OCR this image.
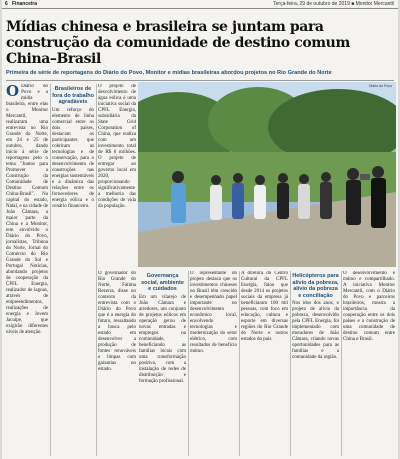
6 Financeira	Terça-feira, 29 de outubro de 2019 ■ Monitor Mercantil
Mídias chinesa e brasileira se juntam para construção da comunidade de destino comum China–Brasil
Primeira de série de reportagens do Diário do Povo, Monitor e mídias brasileiras abordou projetos no Rio Grande do Norte
Diário do Povo
O Diário do Povo e a mídia brasileira, entre elas o Monitor Mercantil, realizaram uma entrevista no Rio Grande do Norte, em 24 e 25 de outubro, dando início à série de reportagens pelo o tema "Juntos para Promover a Construção da Comunidade de Destino Comum China-Brasil". Na capital do estado, Natal, e na cidade de João Câmara, a maior parte da China e a Monitor, tem envolvido o Diário do Povo, jornalistas, Tribuna do Norte, Jornal do Comércio do Rio Grande do Sul e Portugal Notícias, abordando projetos de cooperação da CPFL Energia, realizador de lagoas, através de empreendimentos, realizações de energia e Jovem Jacuípe, que exigirão diferentes níveis de atenção.

Brasileiros de fora do trabalho agradáveis

Um reforço do elemento de linha comercial entre os dois países, destacam os participantes que cobriram as tecnologias e de conservação, para o desenvolvimento de construções nas energias sustentáveis e a dinâmica das relações entre os fornecedores de energia eólica e o cenário financeiro.

O projeto de desvolvimento de água eólica é uma iniciativa social da CPFL Energia, subsidiária da State Grid Corporation of China, que realiza com um investimento total de R$ 6 milhões. O projeto de entregar ao governo local em 2020, proporcionando significativamente a melhoria das condições de vida da população.

O governador do Rio Grande do Norte, Fátima Bezerra, disse no contexto da entrevista com o Diário do Povo que é a energia do futuro, ressaltando a busca pelo estado em desenvolver a produção de fontes renováveis e limpas com garantias no estado.

Governança social, ambiente e cuidados

Em um vilarejo de João Câmara e arredores, um conjunto de projetos eólicos em operação gerou de novas entradas e empregos na comunidade, beneficiando as famílias locais com uma transformação positiva, com a instalação de redes de distribuição e formação profissional.

O representante do projeto destaca que os investimentos chineses no Brasil têm crescido e desempenhado papel importante no desenvolvimento econômico local, envolvendo tecnologias e modernização do setor elétrico, com resultados de benefício mútuo.

A diretora do Centro Cultural da CPFL Energia, falou que desde 2014 os projetos sociais da empresa já beneficiaram 100 mil pessoas, com foco em educação, cultura e esporte em diversas regiões do Rio Grande do Norte e outros estados do país.

Helicópteros para alívio da pobreza, alívio da pobreza e conciliação

Nos idos dos anos, o projeto de alívio da pobreza, desenvolvido pela CPFL Energia, foi implementado com moradores de João Câmara, criando novas oportunidades para as famílias e a comunidade da região.

O desenvolvimento é mútuo e compartilhado. A iniciativa Monitor Mercantil, com o Diário do Povo e parceiros brasileiros, mostra a importância da cooperação entre os dois países e a construção de uma comunidade de destino comum entre China e Brasil.
